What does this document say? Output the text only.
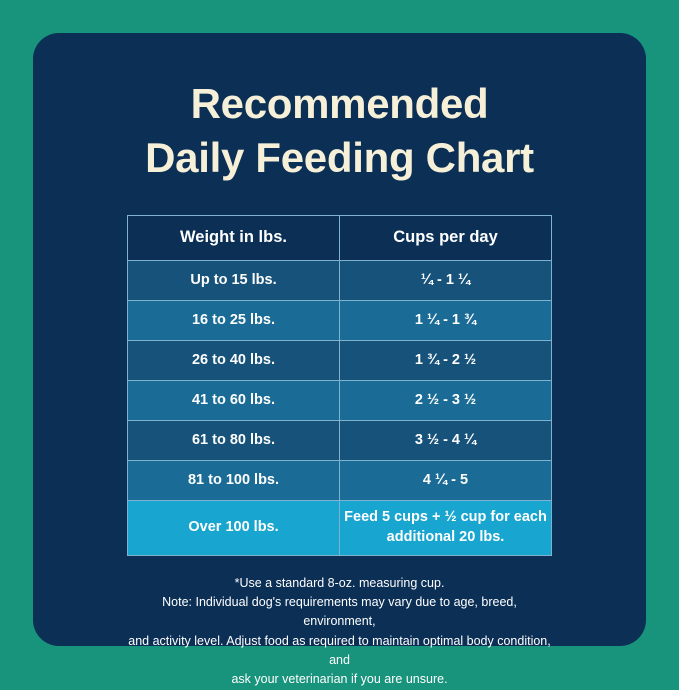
Recommended
Daily Feeding Chart
Weight in lbs.	Cups per day
Up to 15 lbs.	¼ - 1 ¼
16 to 25 lbs.	1 ¼ - 1 ¾
26 to 40 lbs.	1 ¾ - 2 ½
41 to 60 lbs.	2 ½ - 3 ½
61 to 80 lbs.	3 ½ - 4 ¼
81 to 100 lbs.	4 ¼ - 5
Over 100 lbs.	Feed 5 cups + ½ cup for each additional 20 lbs.
*Use a standard 8-oz. measuring cup.
Note: Individual dog's requirements may vary due to age, breed, environment,
and activity level. Adjust food as required to maintain optimal body condition, and
ask your veterinarian if you are unsure.
